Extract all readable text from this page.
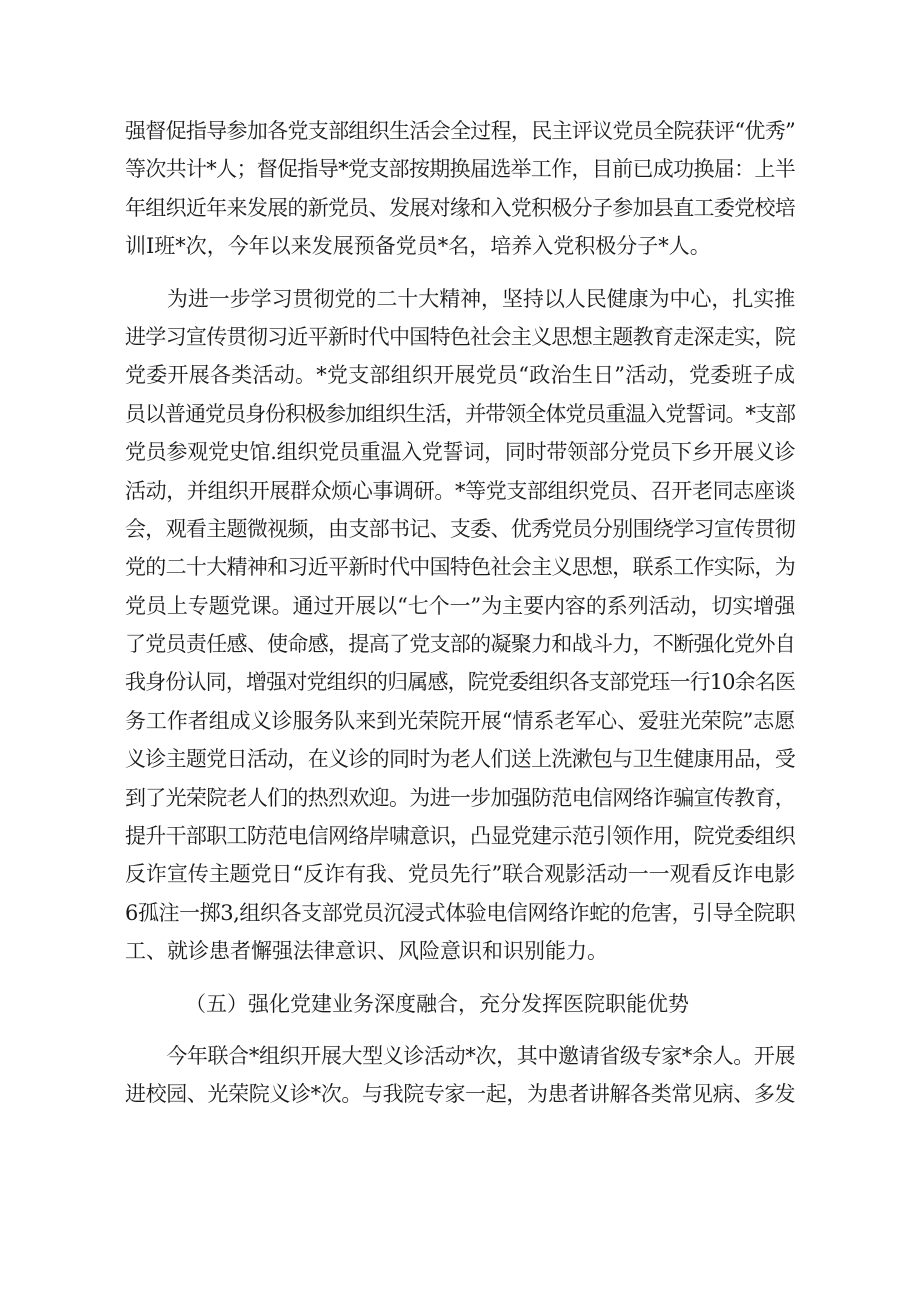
强督促指导参加各党支部组织生活会全过程，民主评议党员全院获评“优秀”
等次共计*人；督促指导*党支部按期换届选举工作，目前已成功换届：上半
年组织近年来发展的新党员、发展对缘和入党积极分子参加县直工委党校培
训I班*次，今年以来发展预备党员*名，培养入党积极分子*人。
　　为进一步学习贯彻党的二十大精神，坚持以人民健康为中心，扎实推
进学习宣传贯彻习近平新时代中国特色社会主义思想主题教育走深走实，院
党委开展各类活动。*党支部组织开展党员“政治生日”活动，党委班子成
员以普通党员身份积极参加组织生活，并带领全体党员重温入党誓词。*支部
党员参观党史馆.组织党员重温入党誓词，同时带领部分党员下乡开展义诊
活动，并组织开展群众烦心事调研。*等党支部组织党员、召开老同志座谈
会，观看主题微视频，由支部书记、支委、优秀党员分别围绕学习宣传贯彻
党的二十大精神和习近平新时代中国特色社会主义思想，联系工作实际，为
党员上专题党课。通过开展以“七个一”为主要内容的系列活动，切实增强
了党员责任感、使命感，提高了党支部的凝聚力和战斗力，不断强化党外自
我身份认同，增强对党组织的归属感，院党委组织各支部党珏一行10余名医
务工作者组成义诊服务队来到光荣院开展“情系老军心、爱驻光荣院”志愿
义诊主题党日活动，在义诊的同时为老人们送上洗漱包与卫生健康用品，受
到了光荣院老人们的热烈欢迎。为进一步加强防范电信网络诈骗宣传教育，
提升干部职工防范电信网络岸啸意识，凸显党建示范引领作用，院党委组织
反诈宣传主题党日“反诈有我、党员先行”联合观影活动一一观看反诈电影
6孤注一掷3,组织各支部党员沉浸式体验电信网络诈蛇的危害，引导全院职
工、就诊患者懈强法律意识、风险意识和识别能力。
（五）强化党建业务深度融合，充分发挥医院职能优势
　　今年联合*组织开展大型义诊活动*次，其中邀请省级专家*余人。开展
进校园、光荣院义诊*次。与我院专家一起，为患者讲解各类常见病、多发
